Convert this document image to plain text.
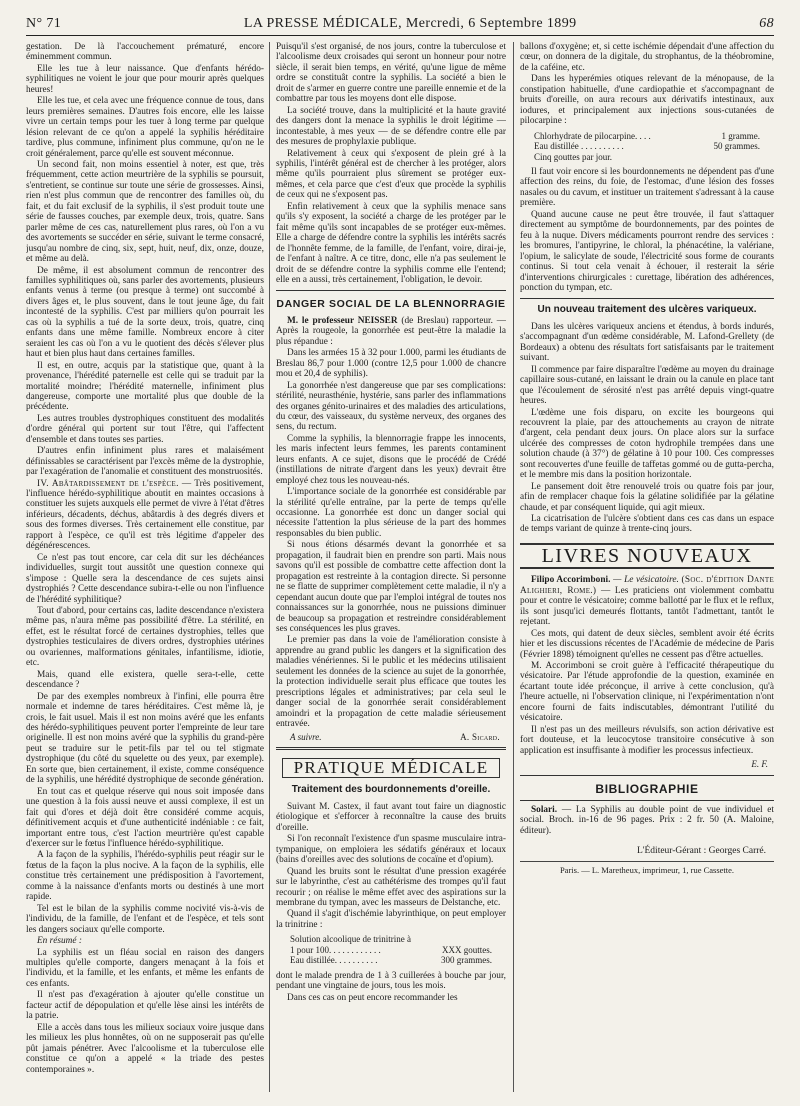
N° 71	LA PRESSE MÉDICALE, Mercredi, 6 Septembre 1899	68

gestation. De là l'accouchement prématuré, encore éminemment commun.

Elle les tue à leur naissance. Que d'enfants hérédo-syphilitiques ne voient le jour que pour mourir après quelques heures!

Elle les tue, et cela avec une fréquence connue de tous, dans leurs premières semaines. D'autres fois encore, elle les laisse vivre un certain temps pour les tuer à long terme par quelque lésion relevant de ce qu'on a appelé la syphilis héréditaire tardive, plus commune, infiniment plus commune, qu'on ne le croit généralement, parce qu'elle est souvent méconnue.

Un second fait, non moins essentiel à noter, est que, très fréquemment, cette action meurtrière de la syphilis se poursuit, s'entretient, se continue sur toute une série de grossesses. Ainsi, rien n'est plus commun que de rencontrer des familles où, du fait, et du fait exclusif de la syphilis, il s'est produit toute une série de fausses couches, par exemple deux, trois, quatre. Sans parler même de ces cas, naturellement plus rares, où l'on a vu des avortements se succéder en série, suivant le terme consacré, jusqu'au nombre de cinq, six, sept, huit, neuf, dix, onze, douze, et même au delà.

De même, il est absolument commun de rencontrer des familles syphilitiques où, sans parler des avortements, plusieurs enfants venus à terme (ou presque à terme) ont succombé à divers âges et, le plus souvent, dans le tout jeune âge, du fait incontesté de la syphilis. C'est par milliers qu'on pourrait les cas où la syphilis a tué de la sorte deux, trois, quatre, cinq enfants dans une même famille. Nombreux encore à citer seraient les cas où l'on a vu le quotient des décès s'élever plus haut et bien plus haut dans certaines familles.

Il est, en outre, acquis par la statistique que, quant à la provenance, l'hérédité paternelle est celle qui se traduit par la mortalité moindre; l'hérédité maternelle, infiniment plus dangereuse, comporte une mortalité plus que double de la précédente.

Les autres troubles dystrophiques constituent des modalités d'ordre général qui portent sur tout l'être, qui l'affectent d'ensemble et dans toutes ses parties.

D'autres enfin infiniment plus rares et malaisément définissables se caractérisent par l'excès même de la dystrophie, par l'exagération de l'anomalie et constituent des monstruosités.

IV. Abâtardissement de l'espèce. — Très positivement, l'influence hérédo-syphilitique aboutit en maintes occasions à constituer les sujets auxquels elle permet de vivre à l'état d'êtres inférieurs, décadents, déchus, abâtardis à des degrés divers et sous des formes diverses. Très certainement elle constitue, par rapport à l'espèce, ce qu'il est très légitime d'appeler des dégénérescences.

Ce n'est pas tout encore, car cela dit sur les déchéances individuelles, surgit tout aussitôt une question connexe qui s'impose : Quelle sera la descendance de ces sujets ainsi dystrophiés ? Cette descendance subira-t-elle ou non l'influence de l'hérédité syphilitique?

Tout d'abord, pour certains cas, ladite descendance n'existera même pas, n'aura même pas possibilité d'être. La stérilité, en effet, est le résultat forcé de certaines dystrophies, telles que dystrophies testiculaires de divers ordres, dystrophies utérines ou ovariennes, malformations génitales, infantilisme, idiotie, etc.

Mais, quand elle existera, quelle sera-t-elle, cette descendance ?

De par des exemples nombreux à l'infini, elle pourra être normale et indemne de tares héréditaires. C'est même là, je crois, le fait usuel. Mais il est non moins avéré que les enfants des hérédo-syphilitiques peuvent porter l'empreinte de leur tare originelle. Il est non moins avéré que la syphilis du grand-père peut se traduire sur le petit-fils par tel ou tel stigmate dystrophique (du côté du squelette ou des yeux, par exemple). En sorte que, bien certainement, il existe, comme conséquence de la syphilis, une hérédité dystrophique de seconde génération.

En tout cas et quelque réserve qui nous soit imposée dans une question à la fois aussi neuve et aussi complexe, il est un fait qui d'ores et déjà doit être considéré comme acquis, définitivement acquis et d'une authenticité indéniable : ce fait, important entre tous, c'est l'action meurtrière qu'est capable d'exercer sur le fœtus l'influence hérédo-syphilitique.

A la façon de la syphilis, l'hérédo-syphilis peut réagir sur le fœtus de la façon la plus nocive. A la façon de la syphilis, elle constitue très certainement une prédisposition à l'avortement, comme à la naissance d'enfants morts ou destinés à une mort rapide.

Tel est le bilan de la syphilis comme nocivité vis-à-vis de l'individu, de la famille, de l'enfant et de l'espèce, et tels sont les dangers sociaux qu'elle comporte.

En résumé :

La syphilis est un fléau social en raison des dangers multiples qu'elle comporte, dangers menaçant à la fois et l'individu, et la famille, et les enfants, et même les enfants de ces enfants.

Il n'est pas d'exagération à ajouter qu'elle constitue un facteur actif de dépopulation et qu'elle lèse ainsi les intérêts de la patrie.

Elle a accès dans tous les milieux sociaux voire jusque dans les milieux les plus honnêtes, où on ne supposerait pas qu'elle pût jamais pénétrer. Avec l'alcoolisme et la tuberculose elle constitue ce qu'on a appelé « la triade des pestes contemporaines ».

Puisqu'il s'est organisé, de nos jours, contre la tuberculose et l'alcoolisme deux croisades qui seront un honneur pour notre siècle, il serait bien temps, en vérité, qu'une ligue de même ordre se constituât contre la syphilis. La société a bien le droit de s'armer en guerre contre une pareille ennemie et de la combattre par tous les moyens dont elle dispose.

La société trouve, dans la multiplicité et la haute gravité des dangers dont la menace la syphilis le droit légitime — incontestable, à mes yeux — de se défendre contre elle par des mesures de prophylaxie publique.

Relativement à ceux qui s'exposent de plein gré à la syphilis, l'intérêt général est de chercher à les protéger, alors même qu'ils pourraient plus sûrement se protéger eux-mêmes, et cela parce que c'est d'eux que procède la syphilis de ceux qui ne s'exposent pas.

Enfin relativement à ceux que la syphilis menace sans qu'ils s'y exposent, la société a charge de les protéger par le fait même qu'ils sont incapables de se protéger eux-mêmes. Elle a charge de défendre contre la syphilis les intérêts sacrés de l'honnête femme, de la famille, de l'enfant, voire, dirai-je, de l'enfant à naître. A ce titre, donc, elle n'a pas seulement le droit de se défendre contre la syphilis comme elle l'entend; elle en a aussi, très certainement, l'obligation, le devoir.

DANGER SOCIAL DE LA BLENNORRAGIE

M. le professeur NEISSER (de Breslau) rapporteur. — Après la rougeole, la gonorrhée est peut-être la maladie la plus répandue :

Dans les armées 15 à 32 pour 1.000, parmi les étudiants de Breslau 86,7 pour 1.000 (contre 12,5 pour 1.000 de chancre mou et 20,4 de syphilis).

La gonorrhée n'est dangereuse que par ses complications: stérilité, neurasthénie, hystérie, sans parler des inflammations des organes génito-urinaires et des maladies des articulations, du cœur, des vaisseaux, du système nerveux, des organes des sens, du rectum.

Comme la syphilis, la blennorragie frappe les innocents, les maris infectent leurs femmes, les parents contaminent leurs enfants. A ce sujet, disons que le procédé de Crédé (instillations de nitrate d'argent dans les yeux) devrait être employé chez tous les nouveau-nés.

L'importance sociale de la gonorrhée est considérable par la stérilité qu'elle entraîne, par la perte de temps qu'elle occasionne. La gonorrhée est donc un danger social qui nécessite l'attention la plus sérieuse de la part des hommes responsables du bien public.

Si nous étions désarmés devant la gonorrhée et sa propagation, il faudrait bien en prendre son parti. Mais nous savons qu'il est possible de combattre cette affection dont la propagation est restreinte à la contagion directe. Si personne ne se flatte de supprimer complètement cette maladie, il n'y a cependant aucun doute que par l'emploi intégral de toutes nos connaissances sur la gonorrhée, nous ne puissions diminuer de beaucoup sa propagation et restreindre considérablement ses conséquences les plus graves.

Le premier pas dans la voie de l'amélioration consiste à apprendre au grand public les dangers et la signification des maladies vénériennes. Si le public et les médecins utilisaient seulement les données de la science au sujet de la gonorrhée, la protection individuelle serait plus efficace que toutes les prescriptions légales et administratives; par cela seul le danger social de la gonorrhée serait considérablement amoindri et la propagation de cette maladie sérieusement entravée.

A suivre.	A. Sicard.
PRATIQUE MÉDICALE
Traitement des bourdonnements d'oreille.

Suivant M. Castex, il faut avant tout faire un diagnostic étiologique et s'efforcer à reconnaître la cause des bruits d'oreille.

Si l'on reconnaît l'existence d'un spasme musculaire intra-tympanique, on emploiera les sédatifs généraux et locaux (bains d'oreilles avec des solutions de cocaïne et d'opium).

Quand les bruits sont le résultat d'une pression exagérée sur le labyrinthe, c'est au cathétérisme des trompes qu'il faut recourir ; on réalise le même effet avec des aspirations sur la membrane du tympan, avec les masseurs de Delstanche, etc.

Quand il s'agit d'ischémie labyrinthique, on peut employer la trinitrine :

Solution alcoolique de trinitrine à
1 pour 100. . . . . . . . . . . .	XXX gouttes.
Eau distillée. . . . . . . . . .	300 grammes.

dont le malade prendra de 1 à 3 cuillerées à bouche par jour, pendant une vingtaine de jours, tous les mois.

Dans ces cas on peut encore recommander les

ballons d'oxygène; et, si cette ischémie dépendait d'une affection du cœur, on donnera de la digitale, du strophantus, de la théobromine, de la caféine, etc.

Dans les hyperémies otiques relevant de la ménopause, de la constipation habituelle, d'une cardiopathie et s'accompagnant de bruits d'oreille, on aura recours aux dérivatifs intestinaux, aux iodures, et principalement aux injections sous-cutanées de pilocarpine :

Chlorhydrate de pilocarpine. . . .	1 gramme.
Eau distillée . . . . . . . . . .	50 grammes.
Cinq gouttes par jour.

Il faut voir encore si les bourdonnements ne dépendent pas d'une affection des reins, du foie, de l'estomac, d'une lésion des fosses nasales ou du cavum, et instituer un traitement s'adressant à la cause première.

Quand aucune cause ne peut être trouvée, il faut s'attaquer directement au symptôme de bourdonnements, par des pointes de feu à la nuque. Divers médicaments pourront rendre des services : les bromures, l'antipyrine, le chloral, la phénacétine, la valériane, l'opium, le salicylate de soude, l'électricité sous forme de courants continus. Si tout cela venait à échouer, il resterait la série d'interventions chirurgicales : curettage, libération des adhérences, ponction du tympan, etc.

Un nouveau traitement des ulcères variqueux.

Dans les ulcères variqueux anciens et étendus, à bords indurés, s'accompagnant d'un œdème considérable, M. Lafond-Grellety (de Bordeaux) a obtenu des résultats fort satisfaisants par le traitement suivant.

Il commence par faire disparaître l'œdème au moyen du drainage capillaire sous-cutané, en laissant le drain ou la canule en place tant que l'écoulement de sérosité n'est pas arrêté depuis vingt-quatre heures.

L'œdème une fois disparu, on excite les bourgeons qui recouvrent la plaie, par des attouchements au crayon de nitrate d'argent, cela pendant deux jours. On place alors sur la surface ulcérée des compresses de coton hydrophile trempées dans une solution chaude (à 37°) de gélatine à 10 pour 100. Ces compresses sont recouvertes d'une feuille de taffetas gommé ou de gutta-percha, et le membre mis dans la position horizontale.

Le pansement doit être renouvelé trois ou quatre fois par jour, afin de remplacer chaque fois la gélatine solidifiée par la gélatine chaude, et par conséquent liquide, qui agit mieux.

La cicatrisation de l'ulcère s'obtient dans ces cas dans un espace de temps variant de quinze à trente-cinq jours.

LIVRES NOUVEAUX

Filipo Accorimboni. — Le vésicatoire. (Soc. d'édition Dante Alighieri, Rome.) — Les praticiens ont violemment combattu pour et contre le vésicatoire; comme ballotté par le flux et le reflux, ils sont jusqu'ici demeurés flottants, tantôt l'admettant, tantôt le rejetant.

Ces mots, qui datent de deux siècles, semblent avoir été écrits hier et les discussions récentes de l'Académie de médecine de Paris (Février 1898) témoignent qu'elles ne cessent pas d'être actuelles.

M. Accorimboni se croit guère à l'efficacité thérapeutique du vésicatoire. Par l'étude approfondie de la question, examinée en écartant toute idée préconçue, il arrive à cette conclusion, qu'à l'heure actuelle, ni l'observation clinique, ni l'expérimentation n'ont encore fourni de faits indiscutables, démontrant l'utilité du vésicatoire.

Il n'est pas un des meilleurs révulsifs, son action dérivative est fort douteuse, et la leucocytose transitoire consécutive à son application est insuffisante à modifier les processus infectieux.

E. F.
BIBLIOGRAPHIE

Solari. — La Syphilis au double point de vue individuel et social. Broch. in-16 de 96 pages. Prix : 2 fr. 50 (A. Maloine, éditeur).

L'Éditeur-Gérant : Georges Carré.
Paris. — L. Maretheux, imprimeur, 1, rue Cassette.
